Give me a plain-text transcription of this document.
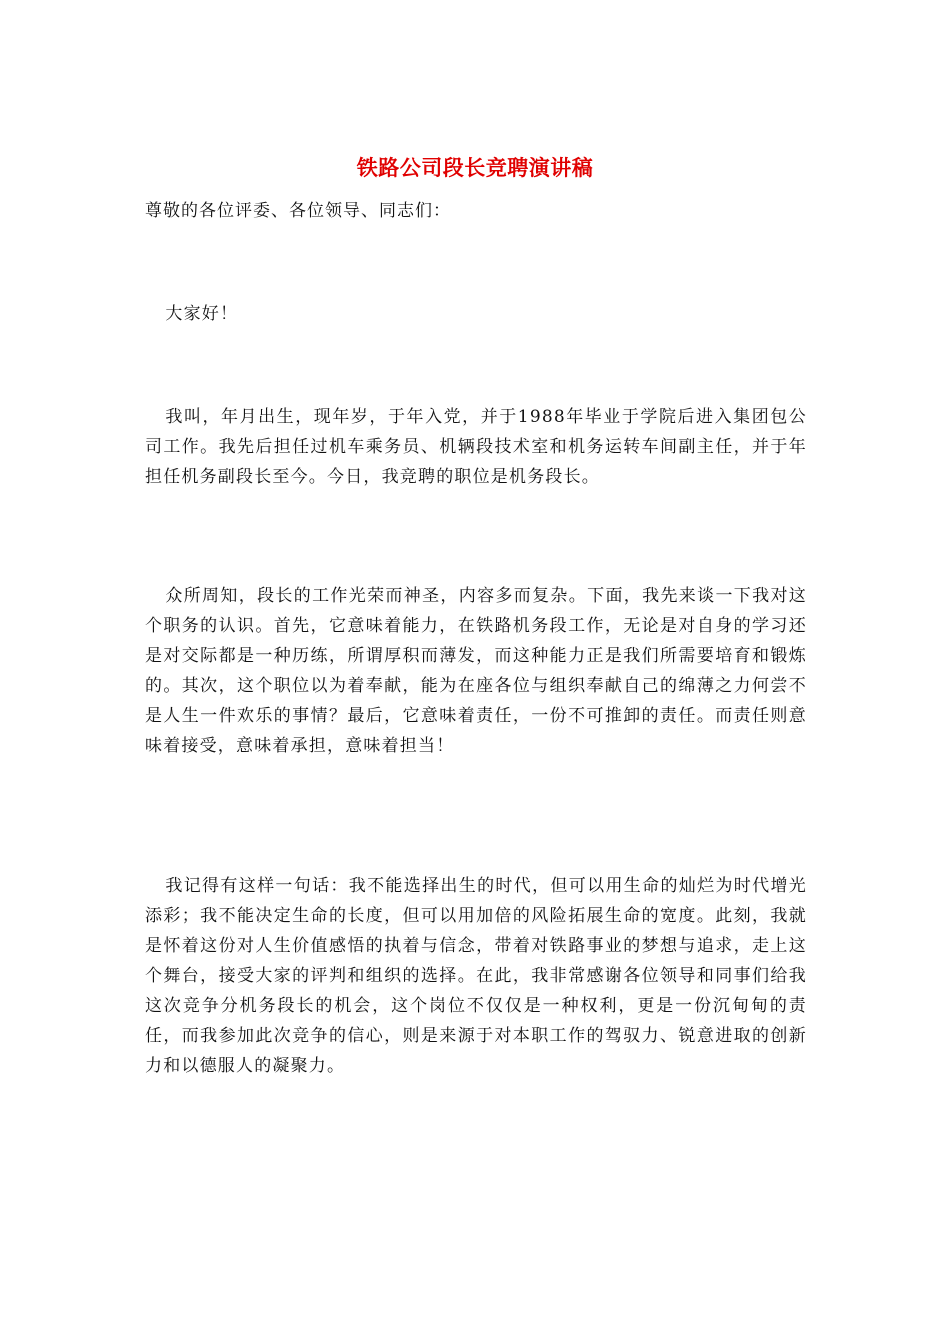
铁路公司段长竞聘演讲稿
尊敬的各位评委、各位领导、同志们：

大家好！

我叫，年月出生，现年岁，于年入党，并于1988年毕业于学院后进入集团包公司工作。我先后担任过机车乘务员、机辆段技术室和机务运转车间副主任，并于年担任机务副段长至今。今日，我竞聘的职位是机务段长。

众所周知，段长的工作光荣而神圣，内容多而复杂。下面，我先来谈一下我对这个职务的认识。首先，它意味着能力，在铁路机务段工作，无论是对自身的学习还是对交际都是一种历练，所谓厚积而薄发，而这种能力正是我们所需要培育和锻炼的。其次，这个职位以为着奉献，能为在座各位与组织奉献自己的绵薄之力何尝不是人生一件欢乐的事情？最后，它意味着责任，一份不可推卸的责任。而责任则意味着接受，意味着承担，意味着担当！

我记得有这样一句话：我不能选择出生的时代，但可以用生命的灿烂为时代增光添彩；我不能决定生命的长度，但可以用加倍的风险拓展生命的宽度。此刻，我就是怀着这份对人生价值感悟的执着与信念，带着对铁路事业的梦想与追求，走上这个舞台，接受大家的评判和组织的选择。在此，我非常感谢各位领导和同事们给我这次竞争分机务段长的机会，这个岗位不仅仅是一种权利，更是一份沉甸甸的责任，而我参加此次竞争的信心，则是来源于对本职工作的驾驭力、锐意进取的创新力和以德服人的凝聚力。
